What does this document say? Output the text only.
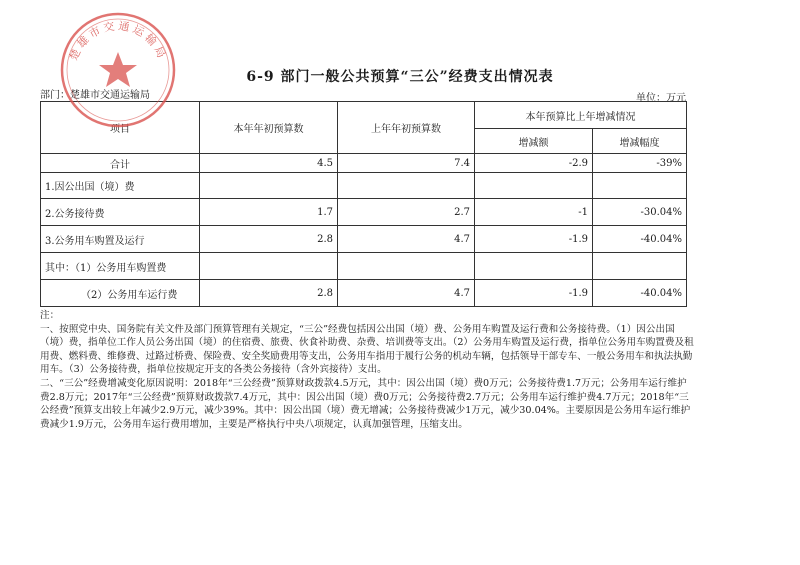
6-9 部门一般公共预算“三公”经费支出情况表
部门：楚雄市交通运输局	单位：万元
项目	本年年初预算数	上年年初预算数	本年预算比上年增减情况	
			增减额	增减幅度
合计	4.5	7.4	-2.9	-39%
1.因公出国（境）费				
2.公务接待费	1.7	2.7	-1	-30.04%
3.公务用车购置及运行	2.8	4.7	-1.9	-40.04%
其中：（1）公务用车购置费				
（2）公务用车运行费	2.8	4.7	-1.9	-40.04%

注：

一、按照党中央、国务院有关文件及部门预算管理有关规定，“三公”经费包括因公出国（境）费、公务用车购置及运行费和公务接待费。（1）因公出国（境）费，指单位工作人员公务出国（境）的住宿费、旅费、伙食补助费、杂费、培训费等支出。（2）公务用车购置及运行费，指单位公务用车购置费及租用费、燃料费、维修费、过路过桥费、保险费、安全奖励费用等支出，公务用车指用于履行公务的机动车辆，包括领导干部专车、一般公务用车和执法执勤用车。（3）公务接待费，指单位按规定开支的各类公务接待（含外宾接待）支出。

二、“三公”经费增减变化原因说明：2018年“三公经费”预算财政拨款4.5万元，其中：因公出国（境）费0万元；公务接待费1.7万元；公务用车运行维护费2.8万元；2017年“三公经费”预算财政拨款7.4万元，其中：因公出国（境）费0万元；公务接待费2.7万元；公务用车运行维护费4.7万元；2018年“三公经费”预算支出较上年减少2.9万元，减少39%。其中：因公出国（境）费无增减；公务接待费减少1万元，减少30.04%。主要原因是公务用车运行维护费减少1.9万元，公务用车运行费用增加，主要是严格执行中央八项规定，认真加强管理，压缩支出。

楚雄市交通运输局
